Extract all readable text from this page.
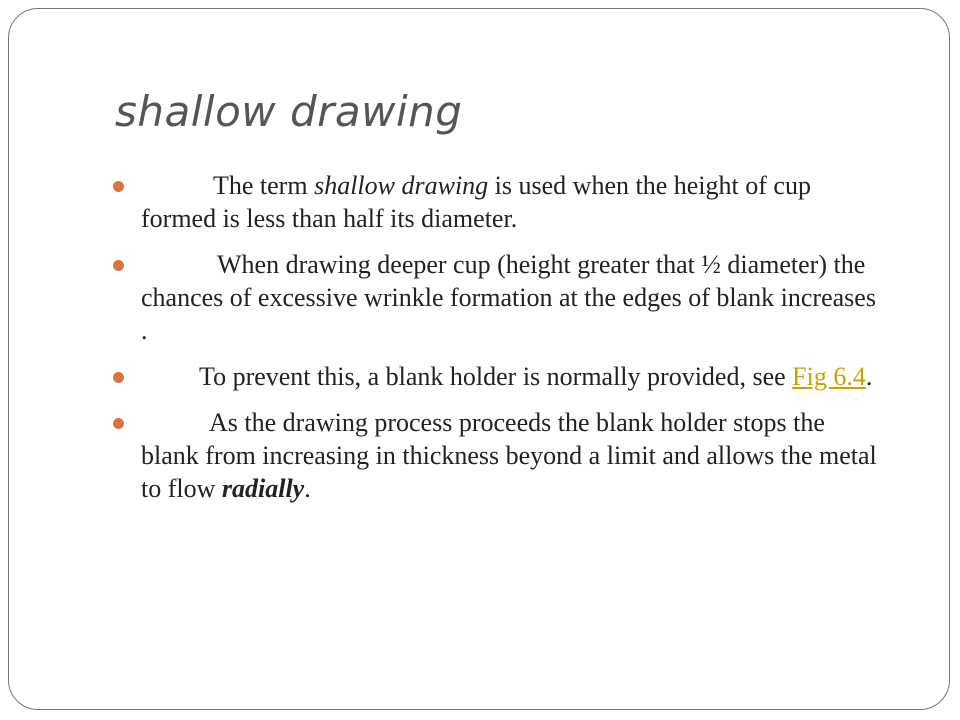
shallow drawing
The term shallow drawing is used when the height of cup formed is less than half its diameter.
When drawing deeper cup (height greater that ½ diameter) the chances of excessive wrinkle formation at the edges of blank increases .
To prevent this, a blank holder is normally provided, see Fig 6.4.
As the drawing process proceeds the blank holder stops the blank from increasing in thickness beyond a limit and allows the metal to flow radially.
